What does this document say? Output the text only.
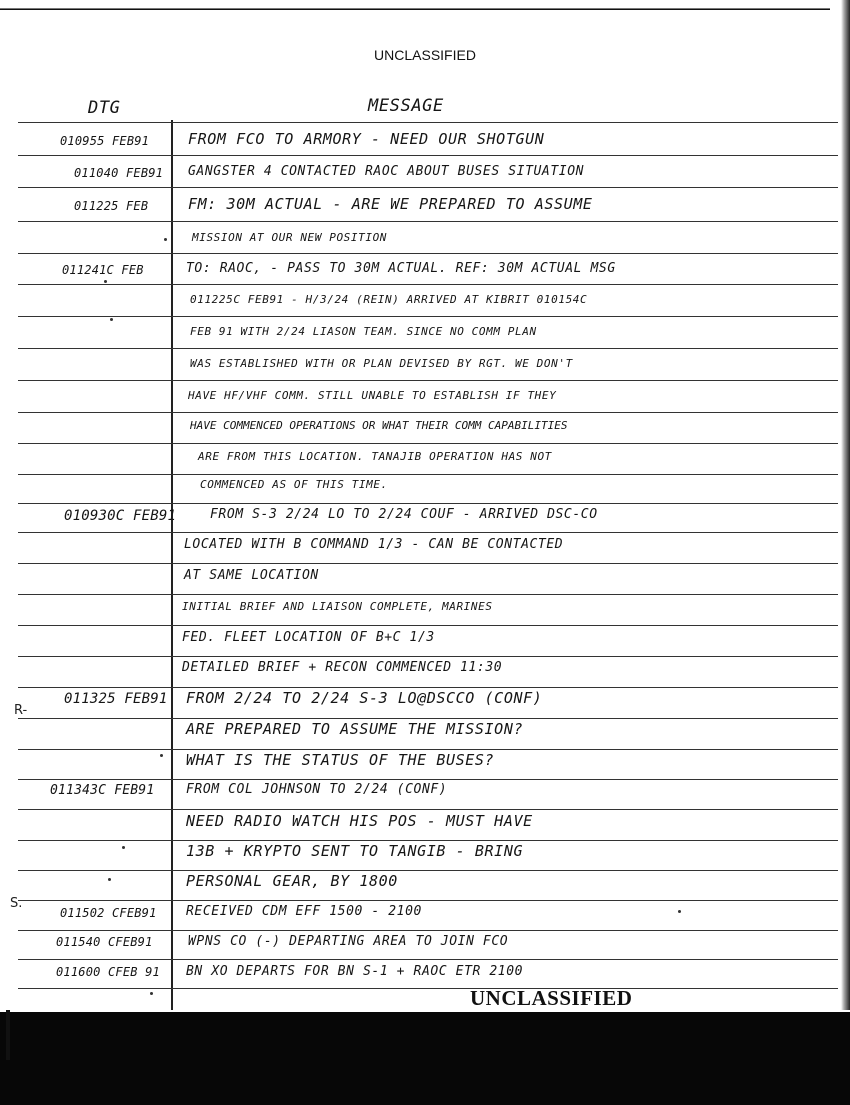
UNCLASSIFIED
DTG	MESSAGE
R-
S.
010955 FEB91	FROM FCO TO ARMORY - NEED OUR SHOTGUN
011040 FEB91 GANGSTER 4 CONTACTED RAOC ABOUT BUSES SITUATION
011225 FEB	FM: 30M ACTUAL - ARE WE PREPARED TO ASSUME
MISSION AT OUR NEW POSITION
011241C FEB	TO: RAOC, - PASS TO 30M ACTUAL. REF: 30M ACTUAL MSG
011225C FEB91 - H/3/24 (REIN) ARRIVED AT KIBRIT 010154C
FEB 91 WITH 2/24 LIASON TEAM. SINCE NO COMM PLAN
WAS ESTABLISHED WITH OR PLAN DEVISED BY RGT. WE DON'T
HAVE HF/VHF COMM. STILL UNABLE TO ESTABLISH IF THEY
HAVE COMMENCED OPERATIONS OR WHAT THEIR COMM CAPABILITIES
ARE FROM THIS LOCATION. TANAJIB OPERATION HAS NOT
COMMENCED AS OF THIS TIME.
010930C FEB91	FROM S-3 2/24 LO TO 2/24 COUF - ARRIVED DSC-CO
LOCATED WITH B COMMAND 1/3 - CAN BE CONTACTED
AT SAME LOCATION
INITIAL BRIEF AND LIAISON COMPLETE, MARINES
FED. FLEET LOCATION OF B+C 1/3
DETAILED BRIEF + RECON COMMENCED 11:30
011325 FEB91 FROM 2/24 TO 2/24 S-3 LO@DSCCO (CONF)
ARE PREPARED TO ASSUME THE MISSION?
WHAT IS THE STATUS OF THE BUSES?
011343C FEB91 FROM COL JOHNSON TO 2/24 (CONF)
NEED RADIO WATCH HIS POS - MUST HAVE
13B + KRYPTO SENT TO TANGIB - BRING
PERSONAL GEAR, BY 1800
011502 CFEB91 RECEIVED CDM EFF 1500 - 2100
011540 CFEB91	WPNS CO (-) DEPARTING AREA TO JOIN FCO
011600 CFEB 91 BN XO DEPARTS FOR BN S-1 + RAOC ETR 2100
UNCLASSIFIED
